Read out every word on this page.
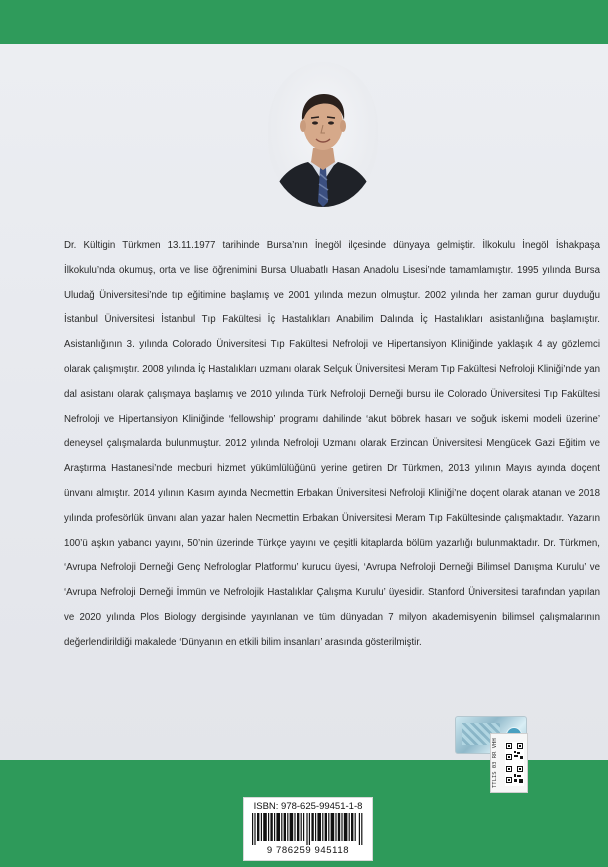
Dr. Kültigin Türkmen 13.11.1977 tarihinde Bursa’nın İnegöl ilçesinde dünyaya gelmiştir. İlkokulu İnegöl İshakpaşa İlkokulu’nda okumuş, orta ve lise öğrenimini Bursa Uluabatlı Hasan Anadolu Lisesi’nde tamamlamıştır. 1995 yılında Bursa Uludağ Üniversitesi’nde tıp eğitimine başlamış ve 2001 yılında mezun olmuştur. 2002 yılında her zaman gurur duyduğu İstanbul Üniversitesi İstanbul Tıp Fakültesi İç Hastalıkları Anabilim Dalında İç Hastalıkları asistanlığına başlamıştır. Asistanlığının 3. yılında Colorado Üniversitesi Tıp Fakültesi Nefroloji ve Hipertansiyon Kliniğinde yaklaşık 4 ay gözlemci olarak çalışmıştır. 2008 yılında İç Hastalıkları uzmanı olarak Selçuk Üniversitesi Meram Tıp Fakültesi Nefroloji Kliniği’nde yan dal asistanı olarak çalışmaya başlamış ve 2010 yılında Türk Nefroloji Derneği bursu ile Colorado Üniversitesi Tıp Fakültesi Nefroloji ve Hipertansiyon Kliniğinde ‘fellowship’ programı dahilinde ‘akut böbrek hasarı ve soğuk iskemi modeli üzerine’ deneysel çalışmalarda bulunmuştur. 2012 yılında Nefroloji Uzmanı olarak Erzincan Üniversitesi Mengücek Gazi Eğitim ve Araştırma Hastanesi’nde mecburi hizmet yükümlülüğünü yerine getiren Dr Türkmen, 2013 yılının Mayıs ayında doçent ünvanı almıştır. 2014 yılının Kasım ayında Necmettin Erbakan Üniversitesi Nefroloji Kliniği’ne doçent olarak atanan ve 2018 yılında profesörlük ünvanı alan yazar halen Necmettin Erbakan Üniversitesi Meram Tıp Fakültesinde çalışmaktadır. Yazarın 100’ü aşkın yabancı yayını, 50’nin üzerinde Türkçe yayını ve çeşitli kitaplarda bölüm yazarlığı bulunmaktadır. Dr. Türkmen, ‘Avrupa Nefroloji Derneği Genç Nefrologlar Platformu’ kurucu üyesi, ‘Avrupa Nefroloji Derneği Bilimsel Danışma Kurulu’ ve ‘Avrupa Nefroloji Derneği İmmün ve Nefrolojik Hastalıklar Çalışma Kurulu’ üyesidir. Stanford Üniversitesi tarafından yapılan ve 2020 yılında Plos Biology dergisinde yayınlanan ve tüm dünyadan 7 milyon akademisyenin bilimsel çalışmalarının değerlendirildiği makalede ‘Dünyanın en etkili bilim insanları’ arasında gösterilmiştir.

TTLIS 03 RR VHH
ISBN: 978-625-99451-1-8
9 786259 945118
